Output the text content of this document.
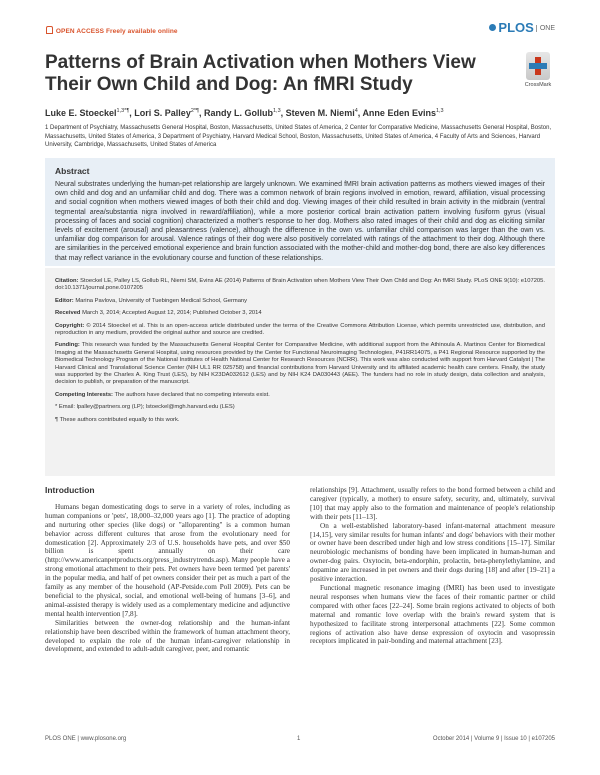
OPEN ACCESS Freely available online	PLOS ONE
Patterns of Brain Activation when Mothers View Their Own Child and Dog: An fMRI Study	CrossMark
Luke E. Stoeckel$^{1,3*\P}$, Lori S. Palley$^{2*\P}$, Randy L. Gollub$^{1,3}$, Steven M. Niemi$^4$, Anne Eden Evins$^{1,3}$
1 Department of Psychiatry, Massachusetts General Hospital, Boston, Massachusetts, United States of America, 2 Center for Comparative Medicine, Massachusetts General Hospital, Boston, Massachusetts, United States of America, 3 Department of Psychiatry, Harvard Medical School, Boston, Massachusetts, United States of America, 4 Faculty of Arts and Sciences, Harvard University, Cambridge, Massachusetts, United States of America
Abstract

Neural substrates underlying the human-pet relationship are largely unknown. We examined fMRI brain activation patterns as mothers viewed images of their own child and dog and an unfamiliar child and dog. There was a common network of brain regions involved in emotion, reward, affiliation, visual processing and social cognition when mothers viewed images of both their child and dog. Viewing images of their child resulted in brain activity in the midbrain (ventral tegmental area/substantia nigra involved in reward/affiliation), while a more posterior cortical brain activation pattern involving fusiform gyrus (visual processing of faces and social cognition) characterized a mother's response to her dog. Mothers also rated images of their child and dog as eliciting similar levels of excitement (arousal) and pleasantness (valence), although the difference in the own vs. unfamiliar child comparison was larger than the own vs. unfamiliar dog comparison for arousal. Valence ratings of their dog were also positively correlated with ratings of the attachment to their dog. Although there are similarities in the perceived emotional experience and brain function associated with the mother-child and mother-dog bond, there are also key differences that may reflect variance in the evolutionary course and function of these relationships.

Citation: Stoeckel LE, Palley LS, Gollub RL, Niemi SM, Evins AE (2014) Patterns of Brain Activation when Mothers View Their Own Child and Dog: An fMRI Study. PLoS ONE 9(10): e107205. doi:10.1371/journal.pone.0107205

Editor: Marina Pavlova, University of Tuebingen Medical School, Germany

Received March 3, 2014; Accepted August 12, 2014; Published October 3, 2014

Copyright: © 2014 Stoeckel et al. This is an open-access article distributed under the terms of the Creative Commons Attribution License, which permits unrestricted use, distribution, and reproduction in any medium, provided the original author and source are credited.

Funding: This research was funded by the Massachusetts General Hospital Center for Comparative Medicine, with additional support from the Athinoula A. Martinos Center for Biomedical Imaging at the Massachusetts General Hospital, using resources provided by the Center for Functional Neuroimaging Technologies, P41RR14075, a P41 Regional Resource supported by the Biomedical Technology Program of the National Institutes of Health National Center for Research Resources (NCRR). This work was also conducted with support from Harvard Catalyst | The Harvard Clinical and Translational Science Center (NIH UL1 RR 025758) and financial contributions from Harvard University and its affiliated academic health care centers. Finally, the study was supported by the Charles A. King Trust (LES), by NIH K23DA032612 (LES) and by NIH K24 DA030443 (AEE). The funders had no role in study design, data collection and analysis, decision to publish, or preparation of the manuscript.

Competing Interests: The authors have declared that no competing interests exist.

* Email: lpalley@partners.org (LP); lstoeckel@mgh.harvard.edu (LES)

¶ These authors contributed equally to this work.

Introduction

Humans began domesticating dogs to serve in a variety of roles, including as human companions or 'pets', 18,000–32,000 years ago [1]. The practice of adopting and nurturing other species (like dogs) or "alloparenting" is a common human behavior across different cultures that arose from the evolutionary need for domestication [2]. Approximately 2/3 of U.S. households have pets, and over $50 billion is spent annually on their care (http://www.americanpetproducts.org/press_industrytrends.asp). Many people have a strong emotional attachment to their pets. Pet owners have been termed 'pet parents' in the popular media, and half of pet owners consider their pet as much a part of the family as any member of the household (AP-Petside.com Poll 2009). Pets can be beneficial to the physical, social, and emotional well-being of humans [3–6], and animal-assisted therapy is widely used as a complementary medicine and adjunctive mental health intervention [7,8].

Similarities between the owner-dog relationship and the human-infant relationship have been described within the framework of human attachment theory, developed to explain the role of the human infant-caregiver relationship in development, and extended to adult-adult caregiver, peer, and romantic

relationships [9]. Attachment, usually refers to the bond formed between a child and caregiver (typically, a mother) to ensure safety, security, and, ultimately, survival [10] that may apply also to the formation and maintenance of people's relationship with their pets [11–13].

On a well-established laboratory-based infant-maternal attachment measure [14,15], very similar results for human infants' and dogs' behaviors with their mother or owner have been described under high and low stress conditions [15–17]. Similar neurobiologic mechanisms of bonding have been implicated in human-human and owner-dog pairs. Oxytocin, beta-endorphin, prolactin, beta-phenylethylamine, and dopamine are increased in pet owners and their dogs during [18] and after [19–21] a positive interaction.

Functional magnetic resonance imaging (fMRI) has been used to investigate neural responses when humans view the faces of their romantic partner or child compared with other faces [22–24]. Some brain regions activated to objects of both maternal and romantic love overlap with the brain's reward system that is hypothesized to facilitate strong interpersonal attachments [22]. Some common regions of activation also have dense expression of oxytocin and vasopressin receptors implicated in pair-bonding and maternal attachment [23].

PLOS ONE | www.plosone.org	1	October 2014 | Volume 9 | Issue 10 | e107205
